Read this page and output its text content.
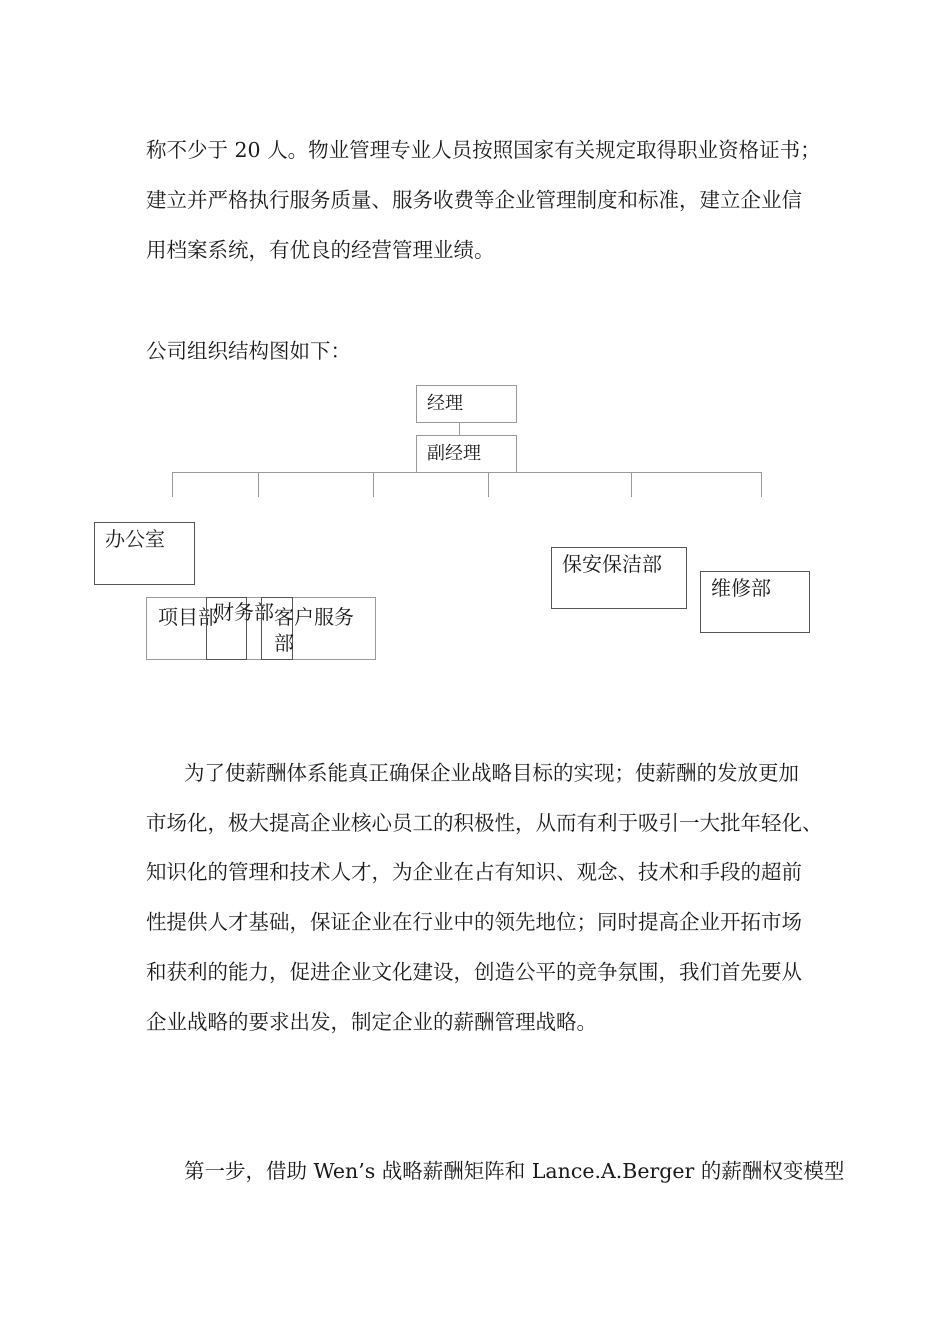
称不少于 20 人。物业管理专业人员按照国家有关规定取得职业资格证书；

建立并严格执行服务质量、服务收费等企业管理制度和标准，建立企业信

用档案系统，有优良的经营管理业绩。

公司组织结构图如下：

经理
副经理
办公室
项目部
财务部 客户服务
部
保安保洁部
维修部

为了使薪酬体系能真正确保企业战略目标的实现；使薪酬的发放更加

市场化，极大提高企业核心员工的积极性，从而有利于吸引一大批年轻化、

知识化的管理和技术人才，为企业在占有知识、观念、技术和手段的超前

性提供人才基础，保证企业在行业中的领先地位；同时提高企业开拓市场

和获利的能力，促进企业文化建设，创造公平的竞争氛围，我们首先要从

企业战略的要求出发，制定企业的薪酬管理战略。

第一步，借助 Wen’s 战略薪酬矩阵和 Lance.A.Berger 的薪酬权变模型
